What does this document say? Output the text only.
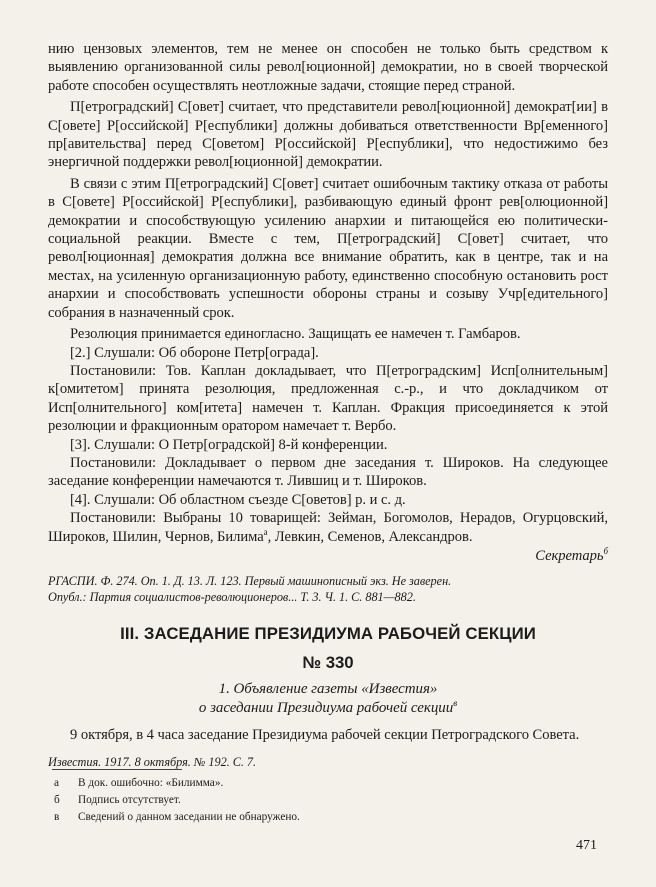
нию цензовых элементов, тем не менее он способен не только быть средством к выявлению организованной силы револ[юционной] демократии, но в своей творческой работе способен осуществлять неотложные задачи, стоящие перед страной.

П[етроградский] С[овет] считает, что представители револ[юционной] демократ[ии] в С[овете] Р[оссийской] Р[еспублики] должны добиваться ответственности Вр[еменного] пр[авительства] перед С[оветом] Р[оссийской] Р[еспублики], что недостижимо без энергичной поддержки револ[юционной] демократии.

В связи с этим П[етроградский] С[овет] считает ошибочным тактику отказа от работы в С[овете] Р[оссийской] Р[еспублики], разбивающую единый фронт рев[олюционной] демократии и способствующую усилению анархии и питающейся ею политически-социальной реакции. Вместе с тем, П[етроградский] С[овет] считает, что револ[юционная] демократия должна все внимание обратить, как в центре, так и на местах, на усиленную организационную работу, единственно способную остановить рост анархии и способствовать успешности обороны страны и созыву Учр[едительного] собрания в назначенный срок.

Резолюция принимается единогласно. Защищать ее намечен т. Гамбаров.

[2.] Слушали: Об обороне Петр[ограда].

Постановили: Тов. Каплан докладывает, что П[етроградским] Исп[олнительным] к[омитетом] принята резолюция, предложенная с.-р., и что докладчиком от Исп[олнительного] ком[итета] намечен т. Каплан. Фракция присоединяется к этой резолюции и фракционным оратором намечает т. Вербо.

[3]. Слушали: О Петр[оградской] 8-й конференции.

Постановили: Докладывает о первом дне заседания т. Широков. На следующее заседание конференции намечаются т. Лившиц и т. Широков.

[4]. Слушали: Об областном съезде С[оветов] р. и с. д.

Постановили: Выбраны 10 товарищей: Зейман, Богомолов, Нерадов, Огурцовский, Широков, Шилин, Чернов, Билима$^а$, Левкин, Семенов, Александров.

Секретарь$^б$
РГАСПИ. Ф. 274. Оп. 1. Д. 13. Л. 123. Первый машинописный экз. Не заверен.
Опубл.: Партия социалистов-революционеров... Т. 3. Ч. 1. С. 881—882.
III. ЗАСЕДАНИЕ ПРЕЗИДИУМА РАБОЧЕЙ СЕКЦИИ
№ 330
1. Объявление газеты «Известия»
о заседании Президиума рабочей секции$^в$

9 октября, в 4 часа заседание Президиума рабочей секции Петроградского Совета.

Известия. 1917. 8 октября. № 192. С. 7.
а	В док. ошибочно: «Билимма».
б	Подпись отсутствует.
в	Сведений о данном заседании не обнаружено.
471
